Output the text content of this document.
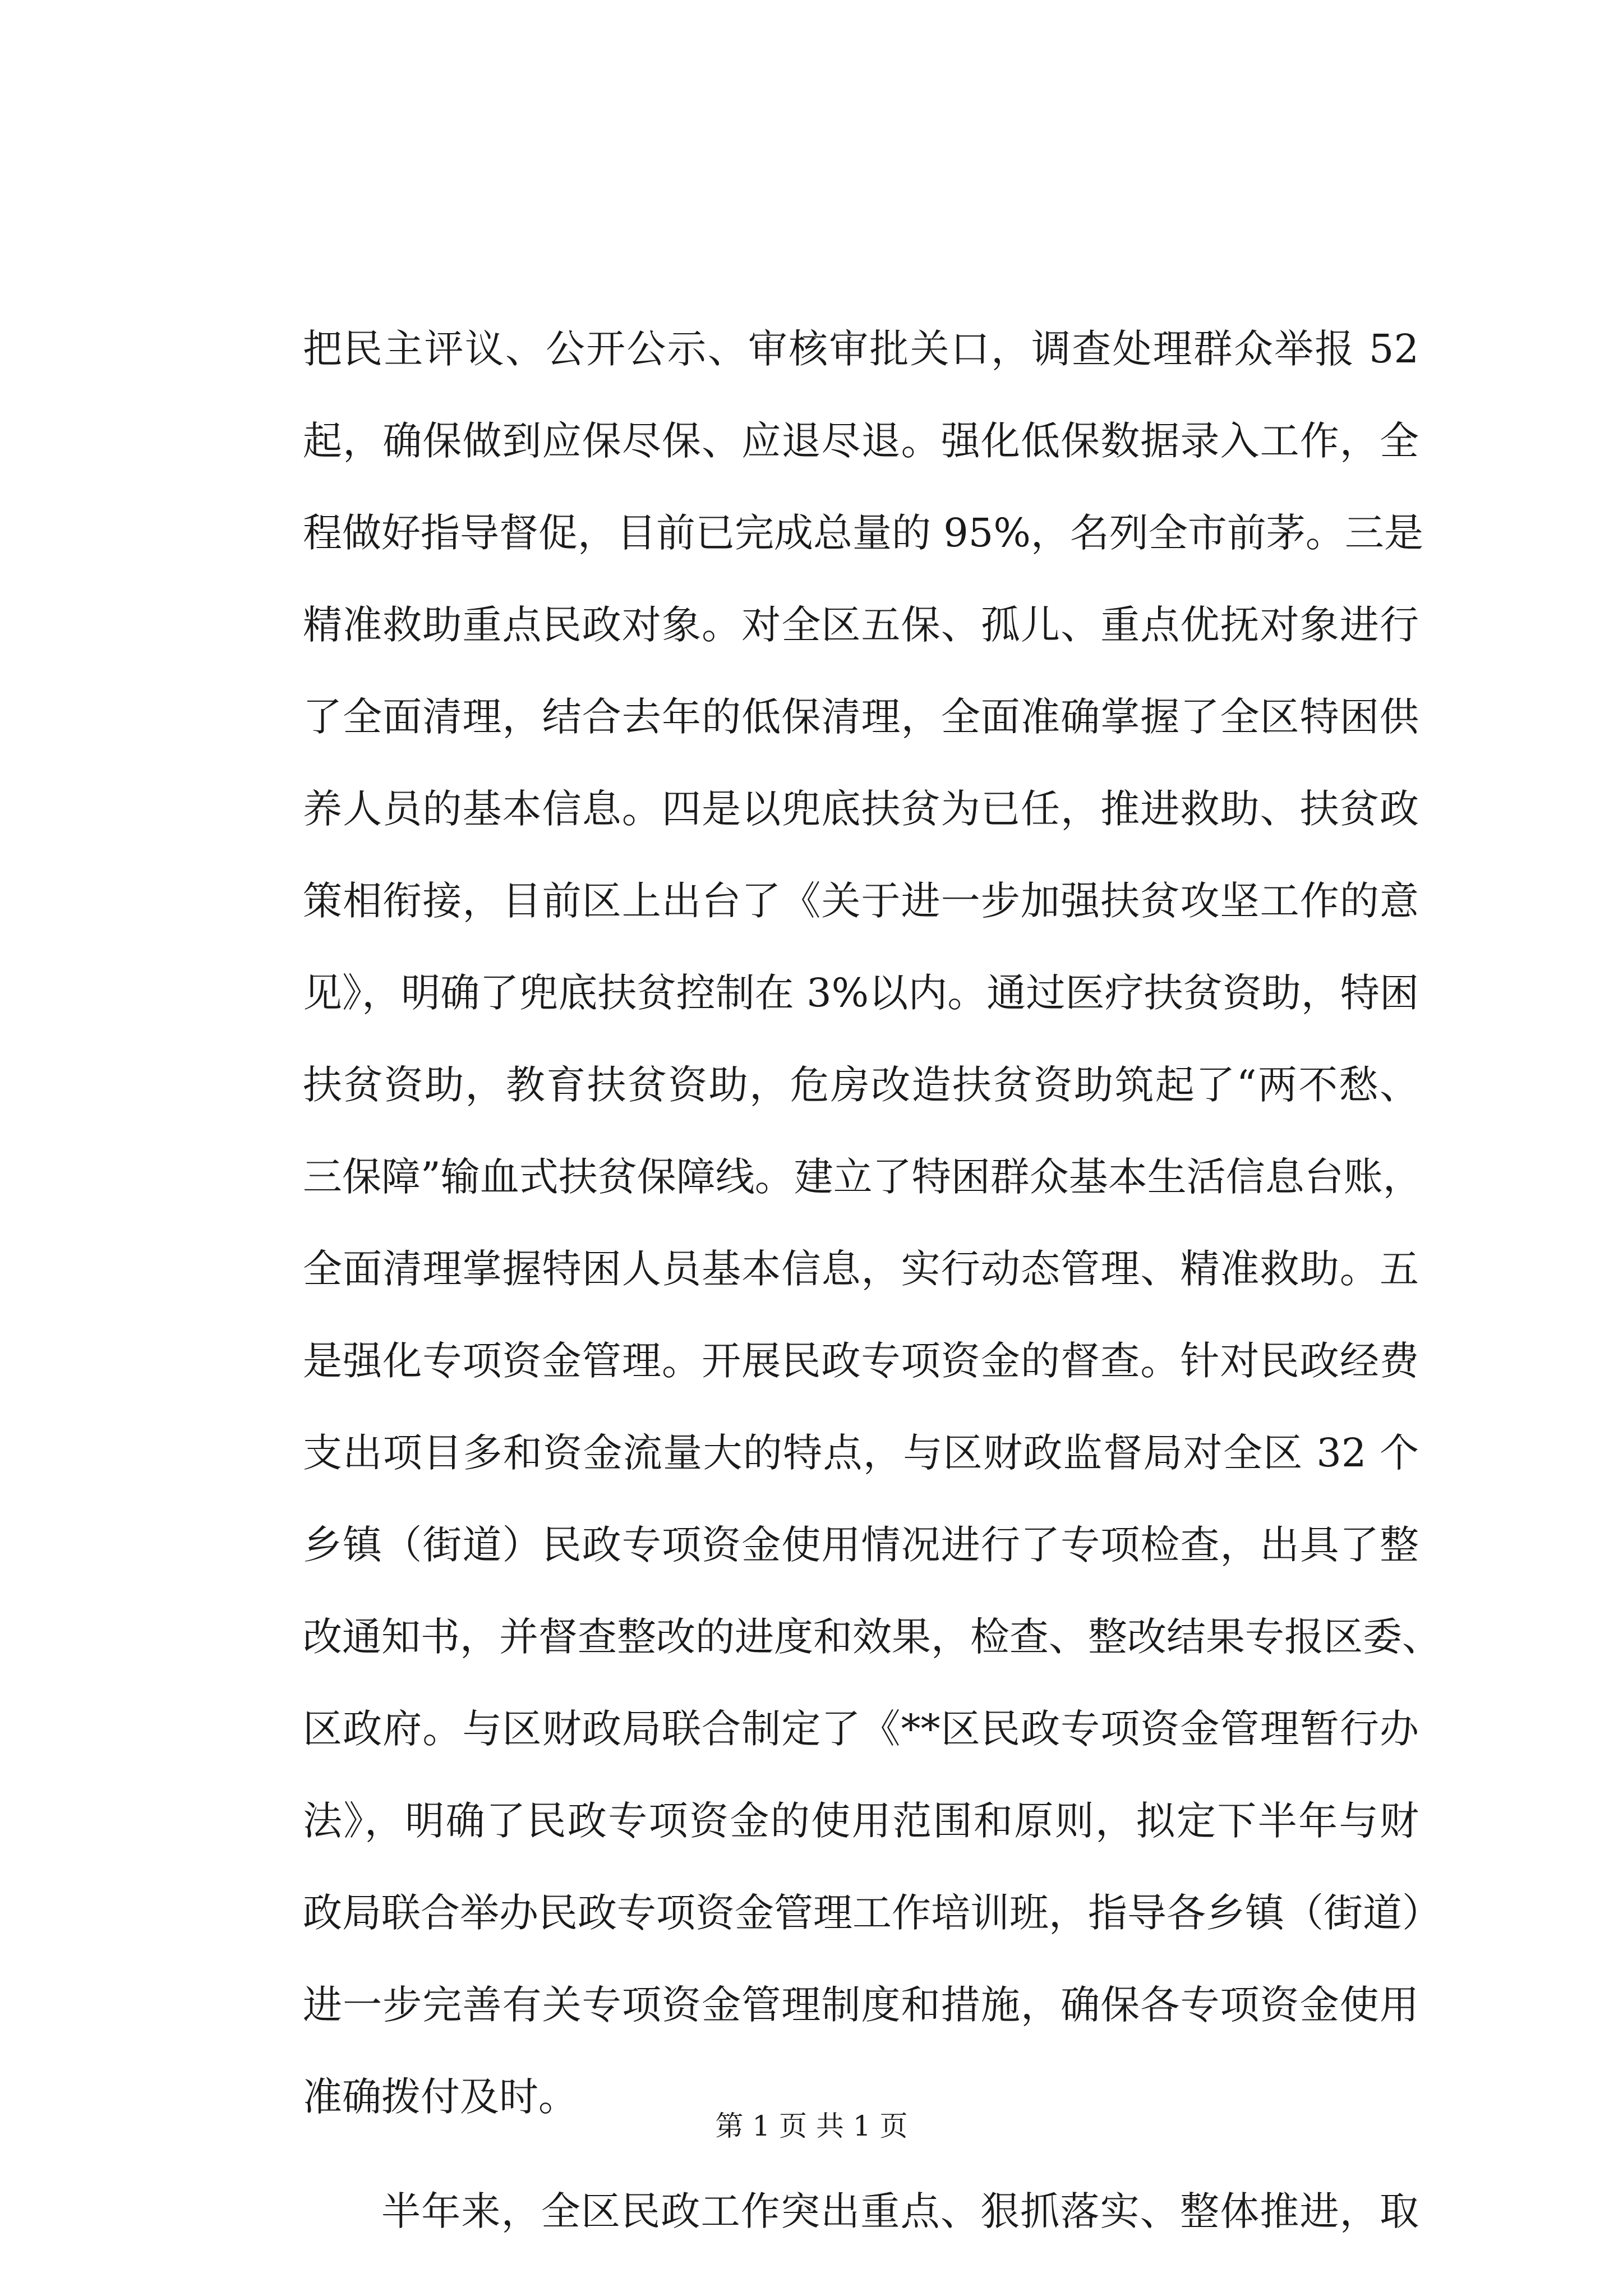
把民主评议、公开公示、审核审批关口，调查处理群众举报 52
起，确保做到应保尽保、应退尽退。强化低保数据录入工作，全
程做好指导督促，目前已完成总量的 95%，名列全市前茅。三是
精准救助重点民政对象。对全区五保、孤儿、重点优抚对象进行
了全面清理，结合去年的低保清理，全面准确掌握了全区特困供
养人员的基本信息。四是以兜底扶贫为已任，推进救助、扶贫政
策相衔接，目前区上出台了《关于进一步加强扶贫攻坚工作的意
见》，明确了兜底扶贫控制在 3%以内。通过医疗扶贫资助，特困
扶贫资助，教育扶贫资助，危房改造扶贫资助筑起了“两不愁、
三保障”输血式扶贫保障线。建立了特困群众基本生活信息台账，
全面清理掌握特困人员基本信息，实行动态管理、精准救助。五
是强化专项资金管理。开展民政专项资金的督查。针对民政经费
支出项目多和资金流量大的特点，与区财政监督局对全区 32 个
乡镇（街道）民政专项资金使用情况进行了专项检查，出具了整
改通知书，并督查整改的进度和效果，检查、整改结果专报区委、
区政府。与区财政局联合制定了《**区民政专项资金管理暂行办
法》，明确了民政专项资金的使用范围和原则，拟定下半年与财
政局联合举办民政专项资金管理工作培训班，指导各乡镇（街道）
进一步完善有关专项资金管理制度和措施，确保各专项资金使用
准确拨付及时。
半年来，全区民政工作突出重点、狠抓落实、整体推进，取
第 1 页 共 1 页
